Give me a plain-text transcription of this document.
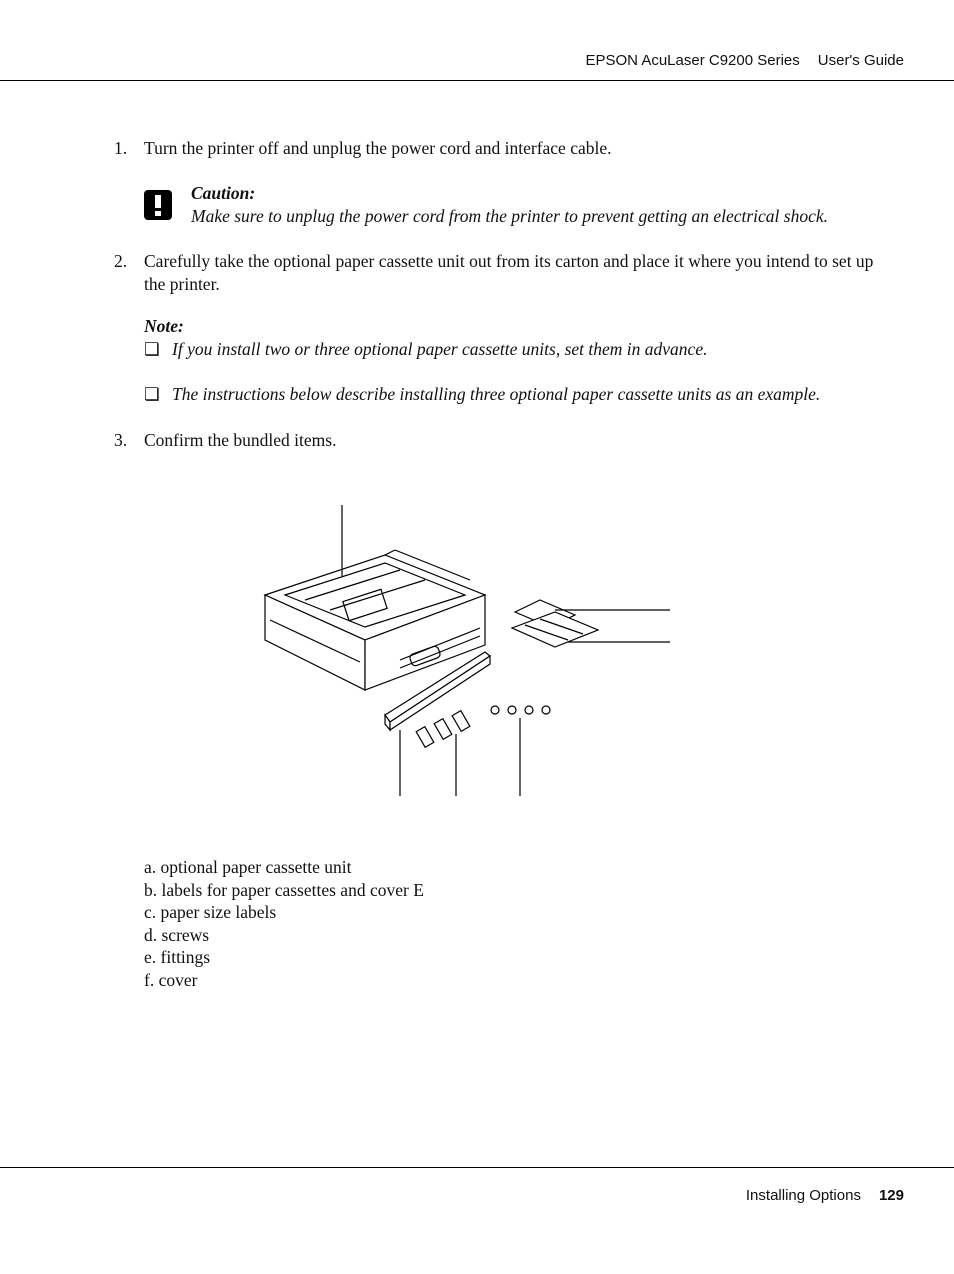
EPSON AcuLaser C9200 Series User's Guide
1. Turn the printer off and unplug the power cord and interface cable.
Caution:
Make sure to unplug the power cord from the printer to prevent getting an electrical shock.
2. Carefully take the optional paper cassette unit out from its carton and place it where you intend to set up the printer.
Note:
❏ If you install two or three optional paper cassette units, set them in advance.
❏ The instructions below describe installing three optional paper cassette units as an example.
3. Confirm the bundled items.
a. optional paper cassette unit
b. labels for paper cassettes and cover E
c. paper size labels
d. screws
e. fittings
f. cover
Installing Options 129
